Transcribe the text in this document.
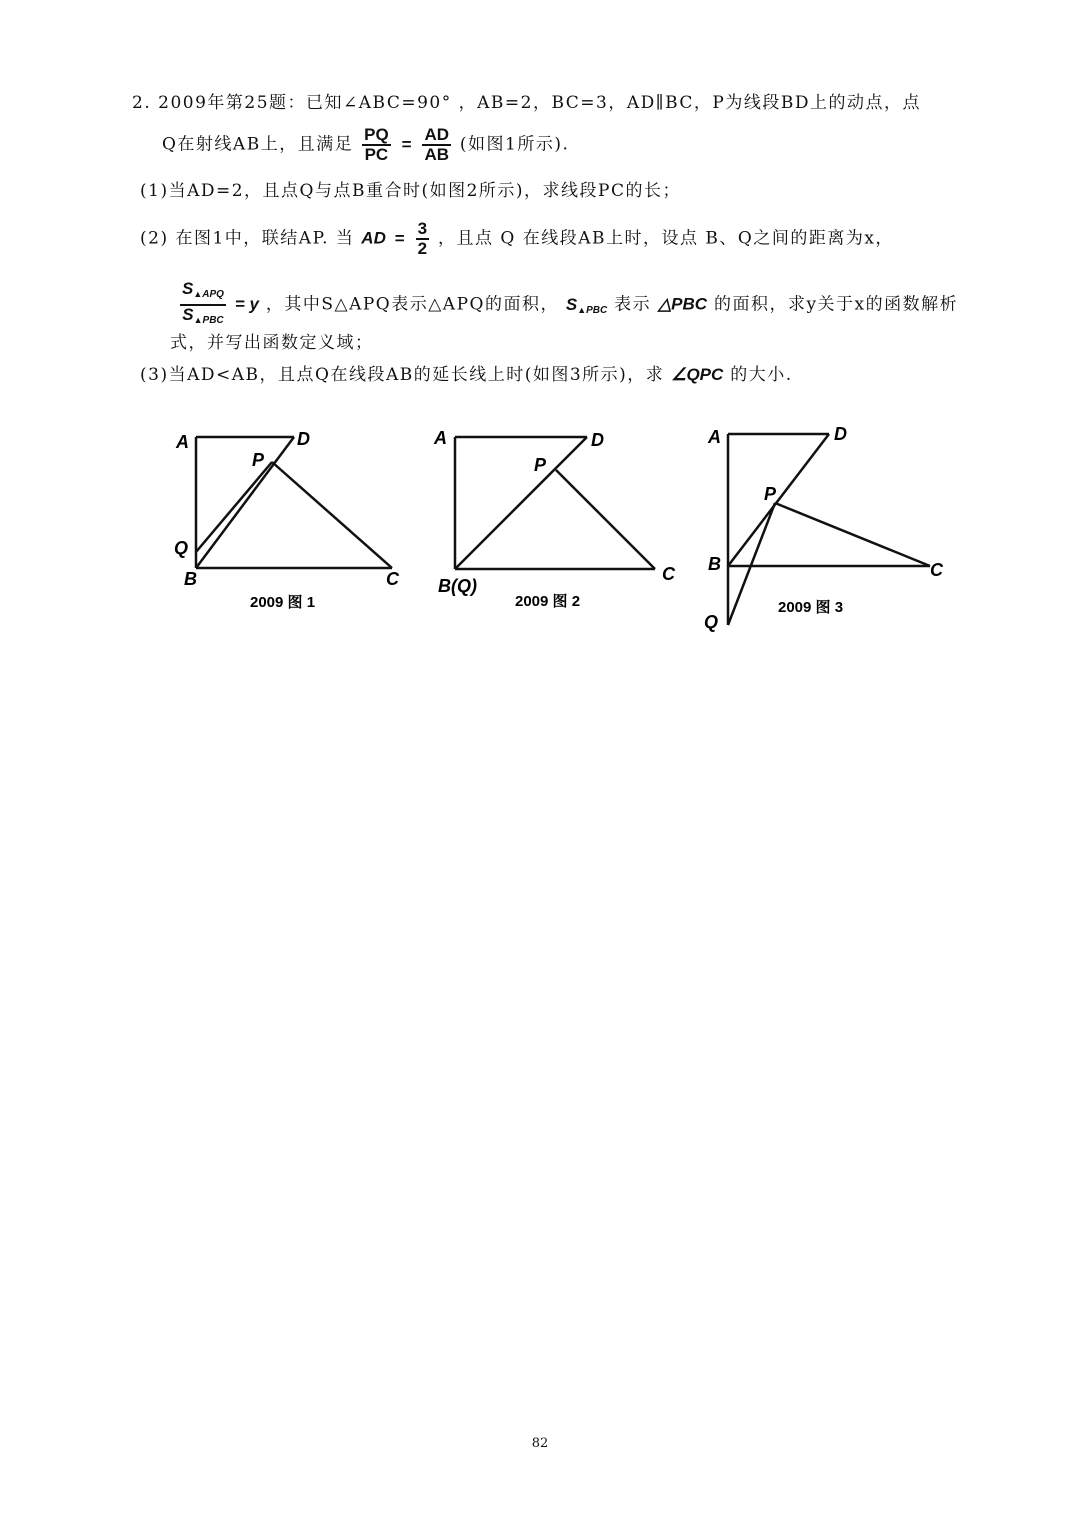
2. 2009年第25题：已知∠ABC=90° ，AB=2，BC=3，AD∥BC，P为线段BD上的动点，点
Q在射线AB上，且满足 $\frac{PQ}{PC} = \frac{AD}{AB}$ (如图1所示).
(1)当AD=2，且点Q与点B重合时(如图2所示)，求线段PC的长；
(2) 在图1中，联结AP. 当 AD = $\frac{3}{2}$ ，且点 Q 在线段AB上时，设点 B、Q之间的距离为x，
$\frac{S_{▲APQ}}{S_{▲PBC}} = y$ ，其中S△APQ表示△APQ的面积， $S_{▲PBC}$ 表示 △PBC 的面积，求y关于x的函数解析
式，并写出函数定义域；
(3)当AD<AB，且点Q在线段AB的延长线上时(如图3所示)，求 ∠QPC 的大小.
A	D
P
Q
B	C
2009 图 1
A	D
P
B(Q)
C
2009 图 2
A	D
P
B	C
Q
2009 图 3
82
